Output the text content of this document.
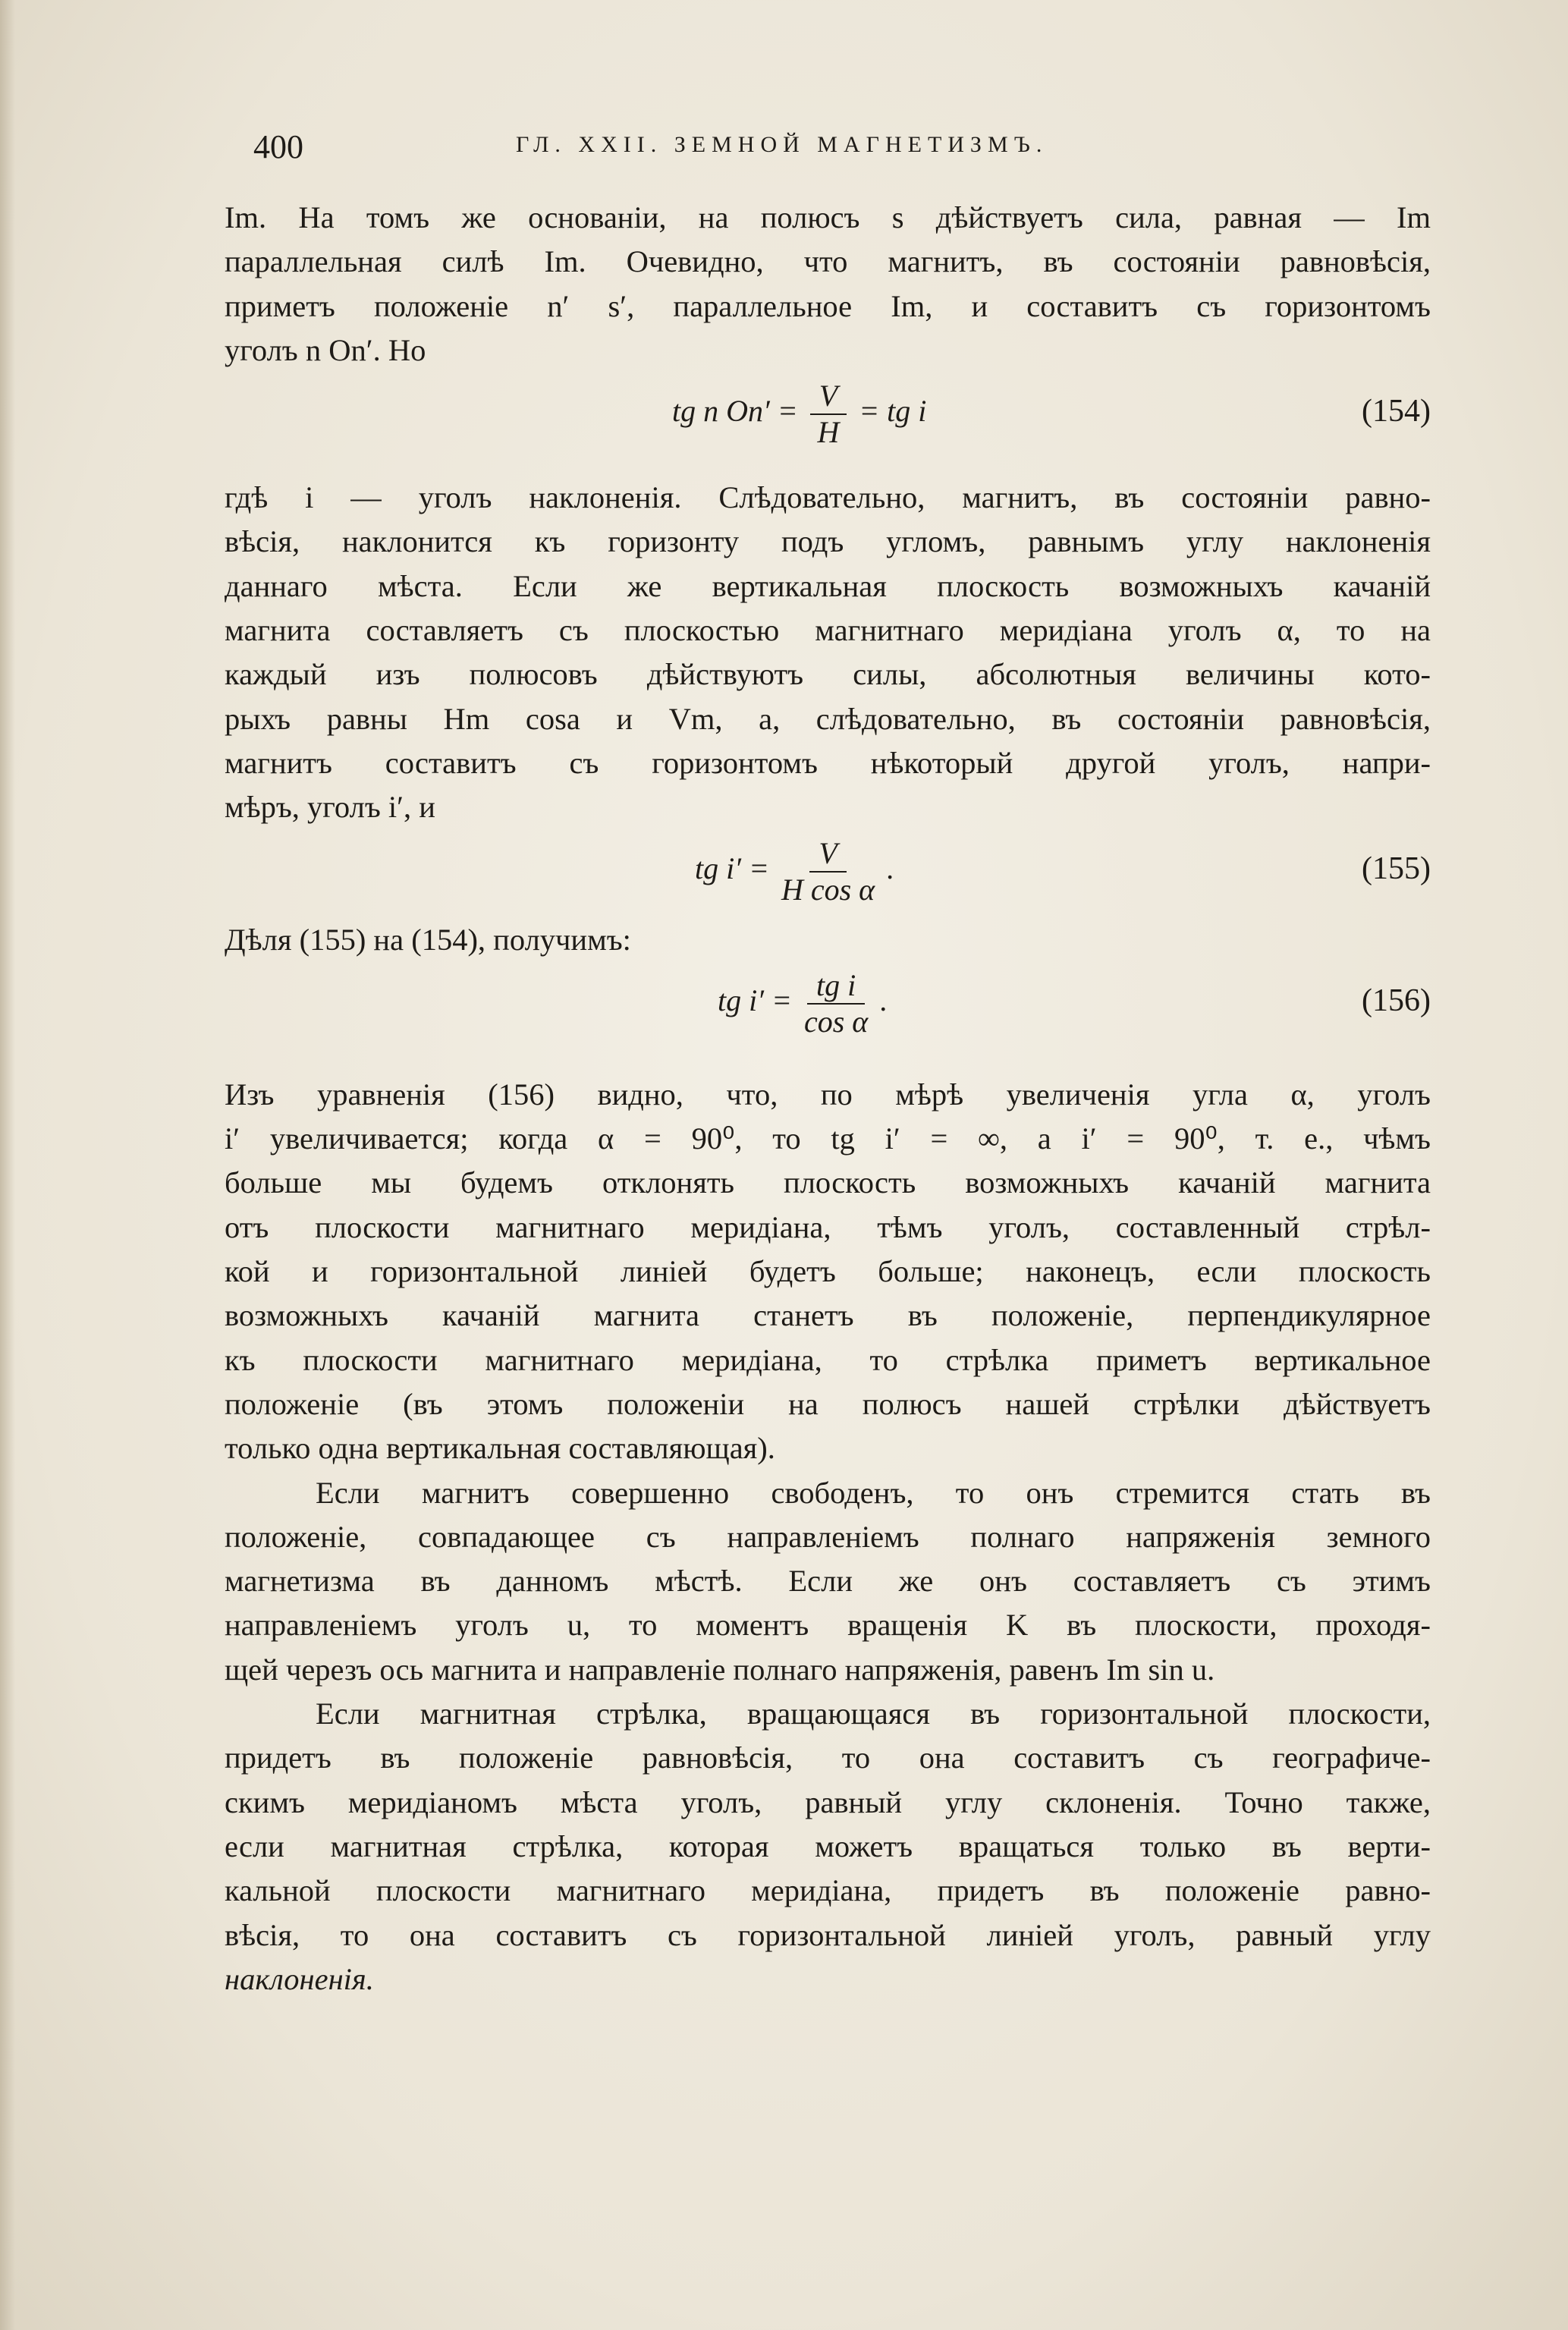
400	ГЛ. XXII. ЗЕМНОЙ МАГНЕТИЗМЪ.

Im. На томъ же основаніи, на полюсъ s дѣйствуетъ сила, равная — Im

параллельная силѣ Im. Очевидно, что магнитъ, въ состояніи равновѣсія,

приметъ положеніе n′ s′, параллельное Im, и составитъ съ горизонтомъ

уголъ n On′. Но

tg n $On' = \frac{V}{H}$ = tg i	(154)

гдѣ i — уголъ наклоненія. Слѣдовательно, магнитъ, въ состояніи равно-

вѣсія, наклонится къ горизонту подъ угломъ, равнымъ углу наклоненія

даннаго мѣста. Если же вертикальная плоскость возможныхъ качаній

магнита составляетъ съ плоскостью магнитнаго меридіана уголъ α, то на

каждый изъ полюсовъ дѣйствуютъ силы, абсолютныя величины кото-

рыхъ равны Hm cosa и Vm, а, слѣдовательно, въ состояніи равновѣсія,

магнитъ составитъ съ горизонтомъ нѣкоторый другой уголъ, напри-

мѣръ, уголъ i′, и

tg $i' = \frac{V}{\text{H cos α}}$ .	(155)

Дѣля (155) на (154), получимъ:

tg $i' = \frac{\text{tg i}}{\text{cos α}}$ .	(156)

Изъ уравненія (156) видно, что, по мѣрѣ увеличенія угла α, уголъ

i′ увеличивается; когда α = 90⁰, то tg i′ = ∞, а i′ = 90⁰, т. е., чѣмъ

больше мы будемъ отклонять плоскость возможныхъ качаній магнита

отъ плоскости магнитнаго меридіана, тѣмъ уголъ, составленный стрѣл-

кой и горизонтальной линіей будетъ больше; наконецъ, если плоскость

возможныхъ качаній магнита станетъ въ положеніе, перпендикулярное

къ плоскости магнитнаго меридіана, то стрѣлка приметъ вертикальное

положеніе (въ этомъ положеніи на полюсъ нашей стрѣлки дѣйствуетъ

только одна вертикальная составляющая).

Если магнитъ совершенно свободенъ, то онъ стремится стать въ

положеніе, совпадающее съ направленіемъ полнаго напряженія земного

магнетизма въ данномъ мѣстѣ. Если же онъ составляетъ съ этимъ

направленіемъ уголъ u, то моментъ вращенія K въ плоскости, проходя-

щей черезъ ось магнита и направленіе полнаго напряженія, равенъ Im sin u.

Если магнитная стрѣлка, вращающаяся въ горизонтальной плоскости,

придетъ въ положеніе равновѣсія, то она составитъ съ географиче-

скимъ меридіаномъ мѣста уголъ, равный углу склоненія. Точно также,

если магнитная стрѣлка, которая можетъ вращаться только въ верти-

кальной плоскости магнитнаго меридіана, придетъ въ положеніе равно-

вѣсія, то она составитъ съ горизонтальной линіей уголъ, равный углу

наклоненія.
